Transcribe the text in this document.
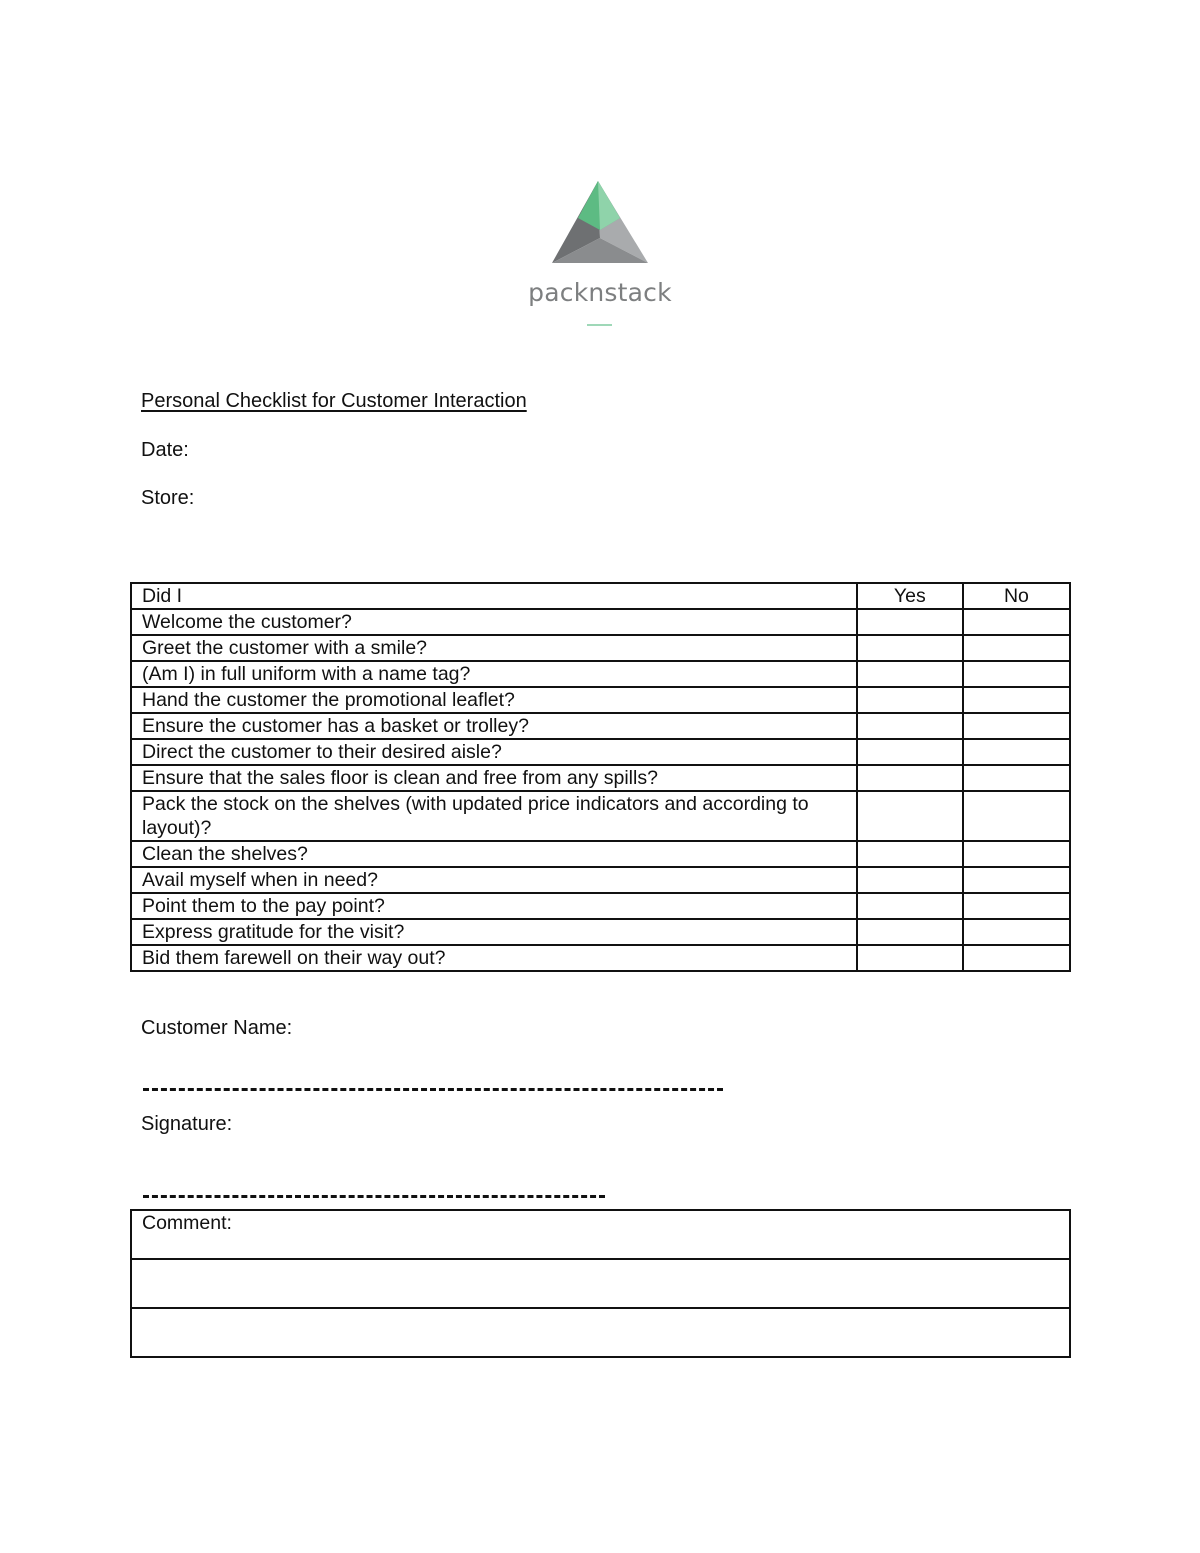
packnstack
Personal Checklist for Customer Interaction
Date:
Store:
Did I	Yes	No
Welcome the customer?		
Greet the customer with a smile?		
(Am I) in full uniform with a name tag?		
Hand the customer the promotional leaflet?		
Ensure the customer has a basket or trolley?		
Direct the customer to their desired aisle?		
Ensure that the sales floor is clean and free from any spills?		
Pack the stock on the shelves (with updated price indicators and according to layout)?		
Clean the shelves?		
Avail myself when in need?		
Point them to the pay point?		
Express gratitude for the visit?		
Bid them farewell on their way out?		
Customer Name:
Signature:
Comment:
